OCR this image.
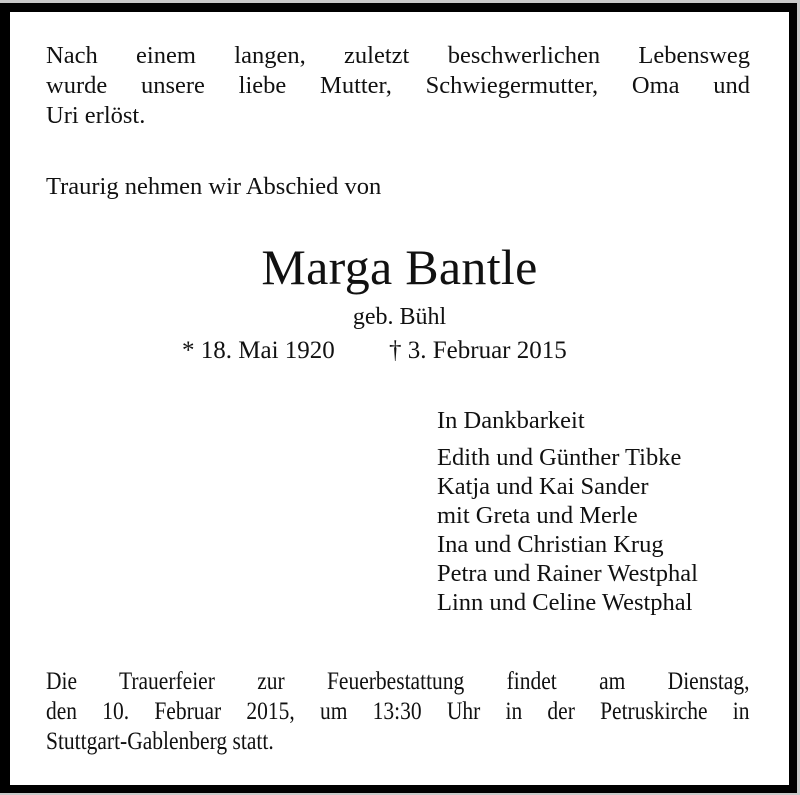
Nach einem langen, zuletzt beschwerlichen Lebensweg
wurde unsere liebe Mutter, Schwiegermutter, Oma und
Uri erlöst.

Traurig nehmen wir Abschied von

Marga Bantle

geb. Bühl

* 18. Mai 1920 † 3. Februar 2015
In Dankbarkeit
Edith und Günther Tibke
Katja und Kai Sander
mit Greta und Merle
Ina und Christian Krug
Petra und Rainer Westphal
Linn und Celine Westphal

Die Trauerfeier zur Feuerbestattung findet am Dienstag,
den 10. Februar 2015, um 13:30 Uhr in der Petruskirche in
Stuttgart-Gablenberg statt.
